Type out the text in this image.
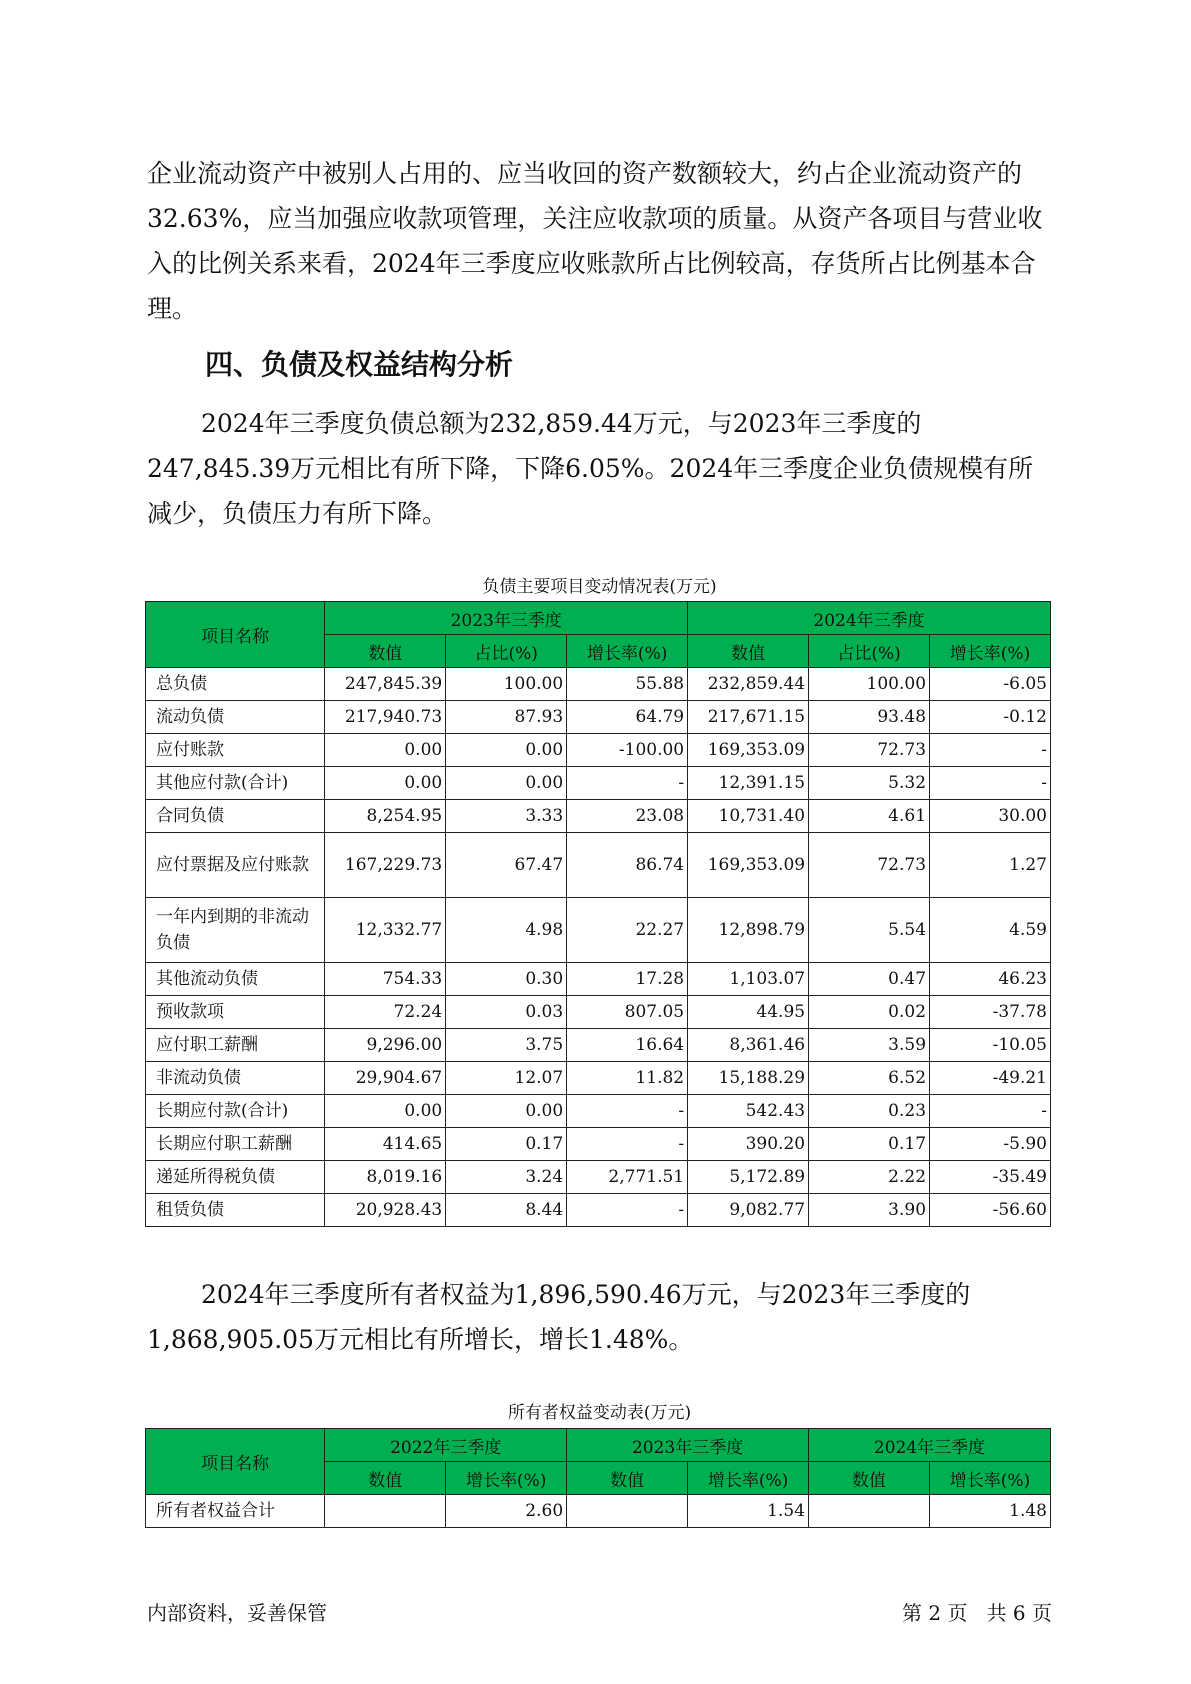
企业流动资产中被别人占用的、应当收回的资产数额较大，约占企业流动资产的32.63%，应当加强应收款项管理，关注应收款项的质量。从资产各项目与营业收入的比例关系来看，2024年三季度应收账款所占比例较高，存货所占比例基本合理。

四、负债及权益结构分析

2024年三季度负债总额为232,859.44万元，与2023年三季度的247,845.39万元相比有所下降，下降6.05%。2024年三季度企业负债规模有所减少，负债压力有所下降。

负债主要项目变动情况表(万元)

项目名称	2023年三季度			2024年三季度		
	数值	占比(%)	增长率(%)	数值	占比(%)	增长率(%)
总负债	247,845.39	100.00	55.88	232,859.44	100.00	-6.05
流动负债	217,940.73	87.93	64.79	217,671.15	93.48	-0.12
应付账款	0.00	0.00	-100.00	169,353.09	72.73	-
其他应付款(合计)	0.00	0.00	-	12,391.15	5.32	-
合同负债	8,254.95	3.33	23.08	10,731.40	4.61	30.00
应付票据及应付账款	167,229.73	67.47	86.74	169,353.09	72.73	1.27
一年内到期的非流动负债	12,332.77	4.98	22.27	12,898.79	5.54	4.59
其他流动负债	754.33	0.30	17.28	1,103.07	0.47	46.23
预收款项	72.24	0.03	807.05	44.95	0.02	-37.78
应付职工薪酬	9,296.00	3.75	16.64	8,361.46	3.59	-10.05
非流动负债	29,904.67	12.07	11.82	15,188.29	6.52	-49.21
长期应付款(合计)	0.00	0.00	-	542.43	0.23	-
长期应付职工薪酬	414.65	0.17	-	390.20	0.17	-5.90
递延所得税负债	8,019.16	3.24	2,771.51	5,172.89	2.22	-35.49
租赁负债	20,928.43	8.44	-	9,082.77	3.90	-56.60

2024年三季度所有者权益为1,896,590.46万元，与2023年三季度的1,868,905.05万元相比有所增长，增长1.48%。

所有者权益变动表(万元)

项目名称	2022年三季度		2023年三季度		2024年三季度	
	数值	增长率(%)	数值	增长率(%)	数值	增长率(%)
所有者权益合计		2.60		1.54		1.48

内部资料，妥善保管	第 2 页   共 6 页
